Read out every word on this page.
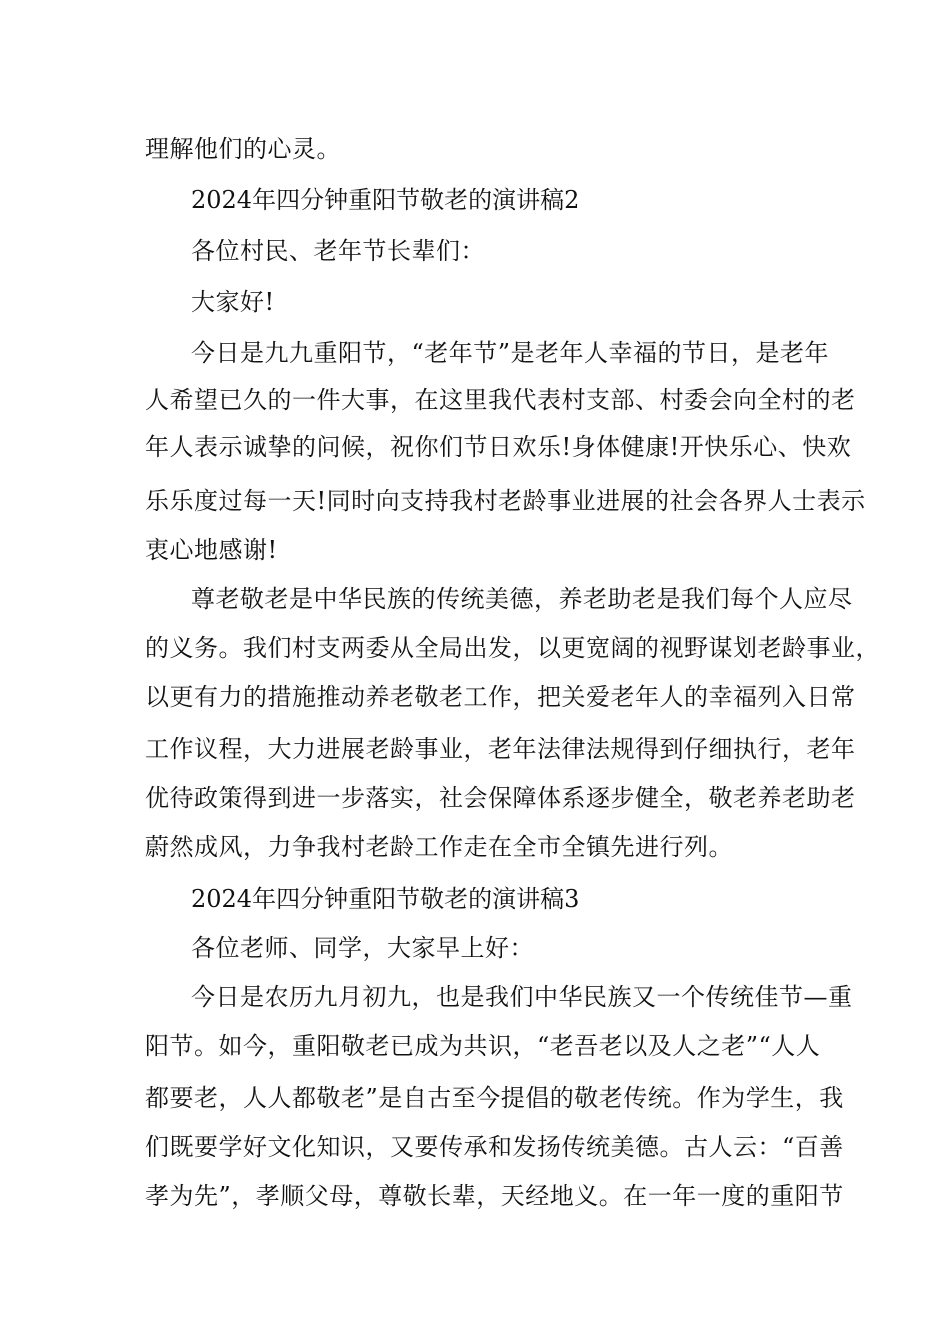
理解他们的心灵。
2024年四分钟重阳节敬老的演讲稿2
各位村民、老年节长辈们：
大家好!
今日是九九重阳节，“老年节”是老年人幸福的节日，是老年
人希望已久的一件大事，在这里我代表村支部、村委会向全村的老
年人表示诚挚的问候，祝你们节日欢乐!身体健康!开快乐心、快欢
乐乐度过每一天!同时向支持我村老龄事业进展的社会各界人士表示
衷心地感谢!
尊老敬老是中华民族的传统美德，养老助老是我们每个人应尽
的义务。我们村支两委从全局出发，以更宽阔的视野谋划老龄事业，
以更有力的措施推动养老敬老工作，把关爱老年人的幸福列入日常
工作议程，大力进展老龄事业，老年法律法规得到仔细执行，老年
优待政策得到进一步落实，社会保障体系逐步健全，敬老养老助老
蔚然成风，力争我村老龄工作走在全市全镇先进行列。
2024年四分钟重阳节敬老的演讲稿3
各位老师、同学，大家早上好：
今日是农历九月初九，也是我们中华民族又一个传统佳节—重
阳节。如今，重阳敬老已成为共识，“老吾老以及人之老”“人人
都要老，人人都敬老”是自古至今提倡的敬老传统。作为学生，我
们既要学好文化知识，又要传承和发扬传统美德。古人云：“百善
孝为先”，孝顺父母，尊敬长辈，天经地义。在一年一度的重阳节
